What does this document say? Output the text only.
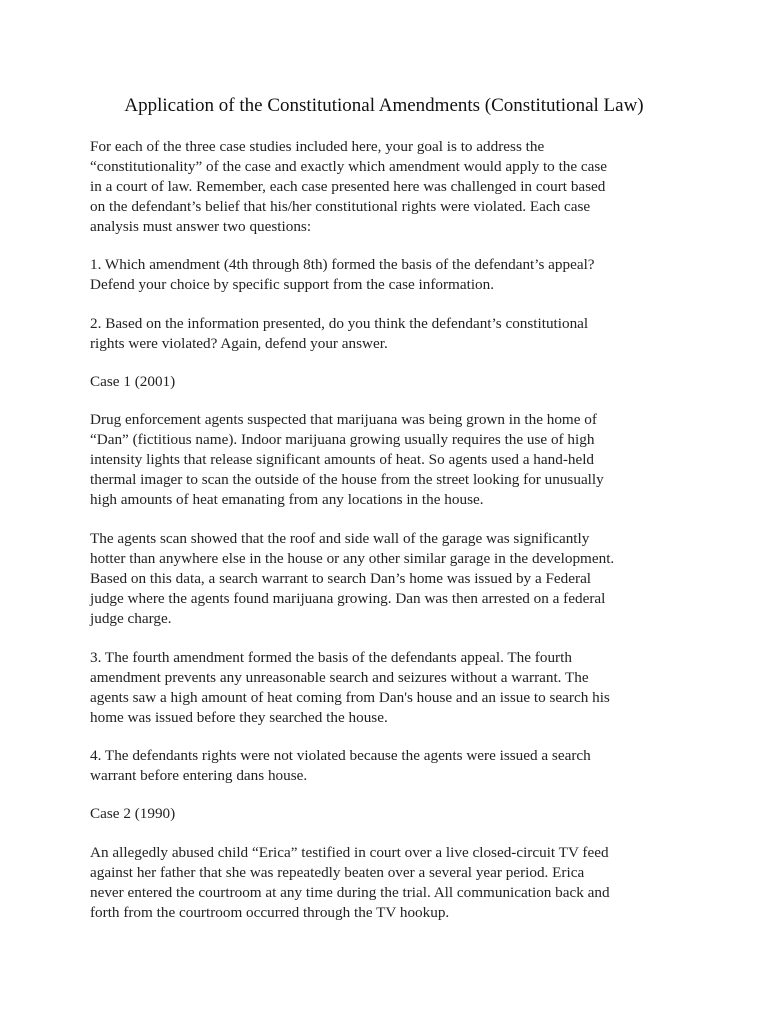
Application of the Constitutional Amendments (Constitutional Law)

For each of the three case studies included here, your goal is to address the
“constitutionality” of the case and exactly which amendment would apply to the case
in a court of law. Remember, each case presented here was challenged in court based
on the defendant’s belief that his/her constitutional rights were violated. Each case
analysis must answer two questions:

1. Which amendment (4th through 8th) formed the basis of the defendant’s appeal?
Defend your choice by specific support from the case information.

2. Based on the information presented, do you think the defendant’s constitutional
rights were violated? Again, defend your answer.

Case 1 (2001)

Drug enforcement agents suspected that marijuana was being grown in the home of
“Dan” (fictitious name). Indoor marijuana growing usually requires the use of high
intensity lights that release significant amounts of heat. So agents used a hand-held
thermal imager to scan the outside of the house from the street looking for unusually
high amounts of heat emanating from any locations in the house.

The agents scan showed that the roof and side wall of the garage was significantly
hotter than anywhere else in the house or any other similar garage in the development.
Based on this data, a search warrant to search Dan’s home was issued by a Federal
judge where the agents found marijuana growing. Dan was then arrested on a federal
judge charge.

3. The fourth amendment formed the basis of the defendants appeal. The fourth
amendment prevents any unreasonable search and seizures without a warrant. The
agents saw a high amount of heat coming from Dan's house and an issue to search his
home was issued before they searched the house.

4. The defendants rights were not violated because the agents were issued a search
warrant before entering dans house.

Case 2 (1990)

An allegedly abused child “Erica” testified in court over a live closed-circuit TV feed
against her father that she was repeatedly beaten over a several year period. Erica
never entered the courtroom at any time during the trial. All communication back and
forth from the courtroom occurred through the TV hookup.
